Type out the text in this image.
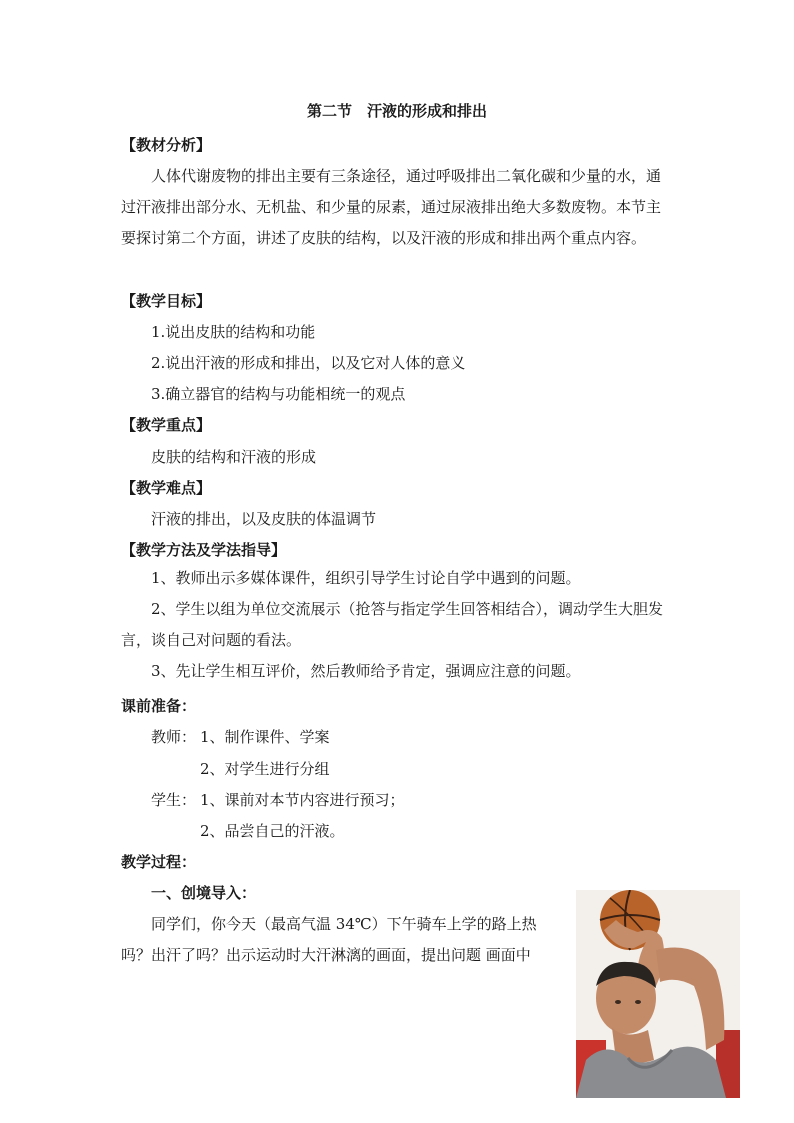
第二节　汗液的形成和排出
【教材分析】
人体代谢废物的排出主要有三条途径，通过呼吸排出二氧化碳和少量的水，通过汗液排出部分水、无机盐、和少量的尿素，通过尿液排出绝大多数废物。本节主要探讨第二个方面，讲述了皮肤的结构，以及汗液的形成和排出两个重点内容。
【教学目标】
1.说出皮肤的结构和功能
2.说出汗液的形成和排出，以及它对人体的意义
3.确立器官的结构与功能相统一的观点
【教学重点】
皮肤的结构和汗液的形成
【教学难点】
汗液的排出，以及皮肤的体温调节
【教学方法及学法指导】
1、教师出示多媒体课件，组织引导学生讨论自学中遇到的问题。
2、学生以组为单位交流展示（抢答与指定学生回答相结合），调动学生大胆发言，谈自己对问题的看法。
3、先让学生相互评价，然后教师给予肯定，强调应注意的问题。
课前准备：
教师： 1、制作课件、学案
2、对学生进行分组
学生： 1、课前对本节内容进行预习；
2、品尝自己的汗液。
教学过程：
一、创境导入：
同学们，你今天（最高气温 34℃）下午骑车上学的路上热
吗？出汗了吗？出示运动时大汗淋漓的画面，提出问题 画面中
